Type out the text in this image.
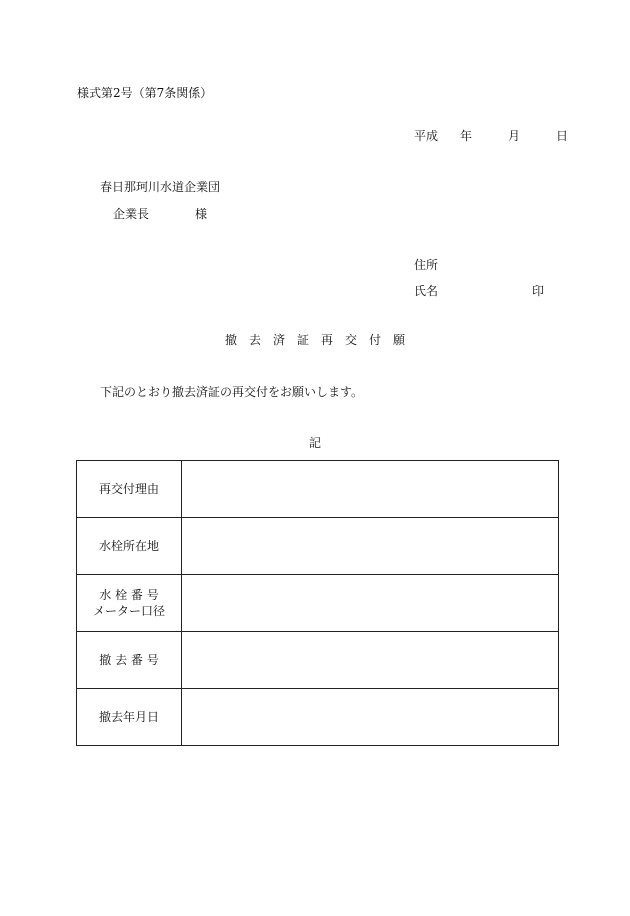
様式第2号（第7条関係）
平成 年	月	日
春日那珂川水道企業団
企業長	様
住所
氏名	印
撤 去 済 証 再 交 付 願
下記のとおり撤去済証の再交付をお願いします。
記
再交付理由	

水栓所在地	

水 栓 番 号
メーター口径	

撤 去 番 号	

撤去年月日	
